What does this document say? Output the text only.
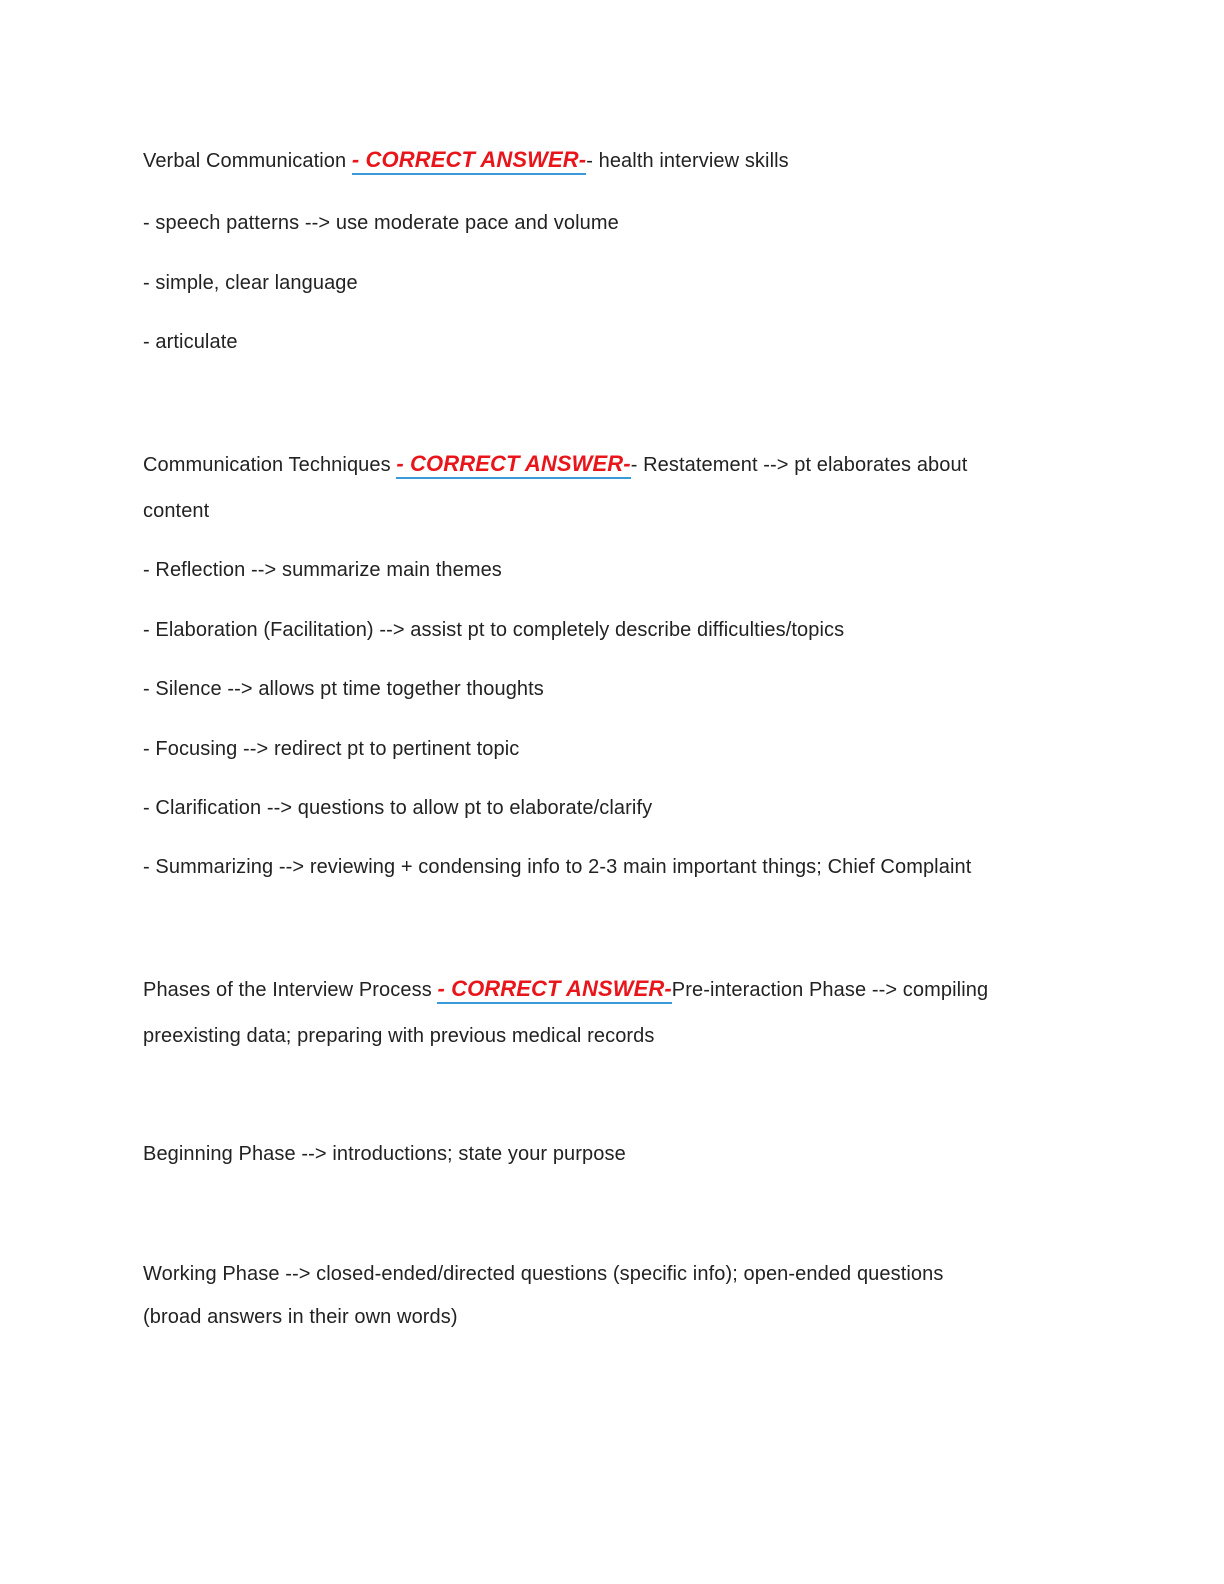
Verbal Communication - CORRECT ANSWER-- health interview skills
- speech patterns --> use moderate pace and volume
- simple, clear language
- articulate
Communication Techniques - CORRECT ANSWER-- Restatement --> pt elaborates about
content
- Reflection --> summarize main themes
- Elaboration (Facilitation) --> assist pt to completely describe difficulties/topics
- Silence --> allows pt time together thoughts
- Focusing --> redirect pt to pertinent topic
- Clarification --> questions to allow pt to elaborate/clarify
- Summarizing --> reviewing + condensing info to 2-3 main important things; Chief Complaint
Phases of the Interview Process - CORRECT ANSWER-Pre-interaction Phase --> compiling
preexisting data; preparing with previous medical records
Beginning Phase --> introductions; state your purpose
Working Phase --> closed-ended/directed questions (specific info); open-ended questions
(broad answers in their own words)
